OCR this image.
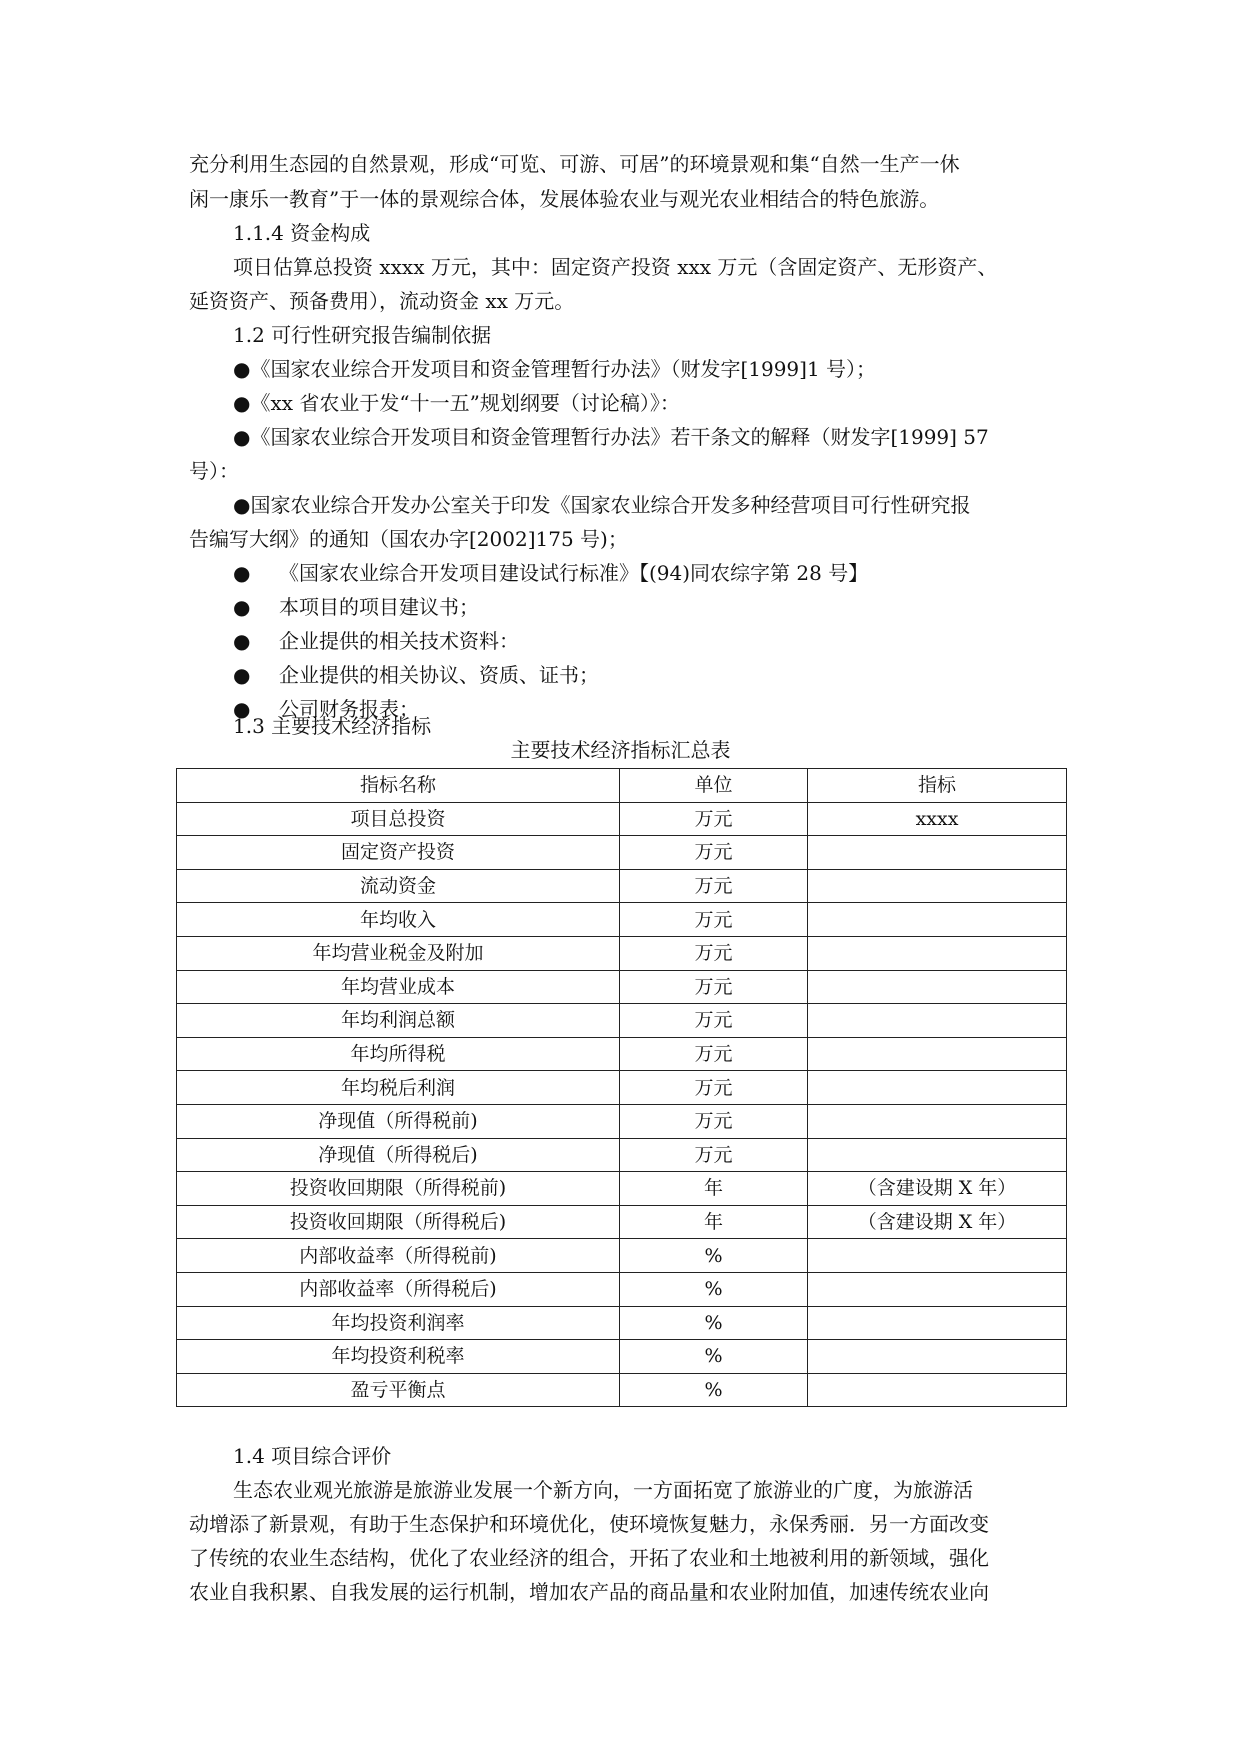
充分利用生态园的自然景观，形成“可览、可游、可居”的环境景观和集“自然一生产一休
闲一康乐一教育”于一体的景观综合体，发展体验农业与观光农业相结合的特色旅游。
1.1.4 资金构成
项日估算总投资 xxxx 万元，其中：固定资产投资 xxx 万元（含固定资产、无形资产、
延资资产、预备费用），流动资金 xx 万元。
1.2 可行性研究报告编制依据
●《国家农业综合开发项目和资金管理暂行办法》（财发字[1999]1 号）；
●《xx 省农业于发“十一五”规划纲要（讨论稿）》：
●《国家农业综合开发项目和资金管理暂行办法》若干条文的解释（财发字[1999] 57
号）：
●国家农业综合开发办公室关于印发《国家农业综合开发多种经营项目可行性研究报
告编写大纲》的通知（国农办字[2002]175 号)；
● 《国家农业综合开发项目建设试行标准》【(94)同农综字第 28 号】
● 本项目的项目建议书；
● 企业提供的相关技术资料：
● 企业提供的相关协议、资质、证书；
● 公司财务报表；
1.3 主要技术经济指标
主要技术经济指标汇总表
指标名称	单位	指标
项目总投资	万元	xxxx
固定资产投资	万元	
流动资金	万元	
年均收入	万元	
年均营业税金及附加	万元	
年均营业成本	万元	
年均利润总额	万元	
年均所得税	万元	
年均税后利润	万元	
净现值（所得税前)	万元	
净现值（所得税后)	万元	
投资收回期限（所得税前)	年	（含建设期 X 年）
投资收回期限（所得税后)	年	（含建设期 X 年）
内部收益率（所得税前)	%	
内部收益率（所得税后)	%	
年均投资利润率	%	
年均投资利税率	%	
盈亏平衡点	%	
1.4 项目综合评价
生态农业观光旅游是旅游业发展一个新方向，一方面拓宽了旅游业的广度，为旅游活
动增添了新景观，有助于生态保护和环境优化，使环境恢复魅力，永保秀丽．另一方面改变
了传统的农业生态结构，优化了农业经济的组合，开拓了农业和土地被利用的新领域，强化
农业自我积累、自我发展的运行机制，增加农产品的商品量和农业附加值，加速传统农业向
